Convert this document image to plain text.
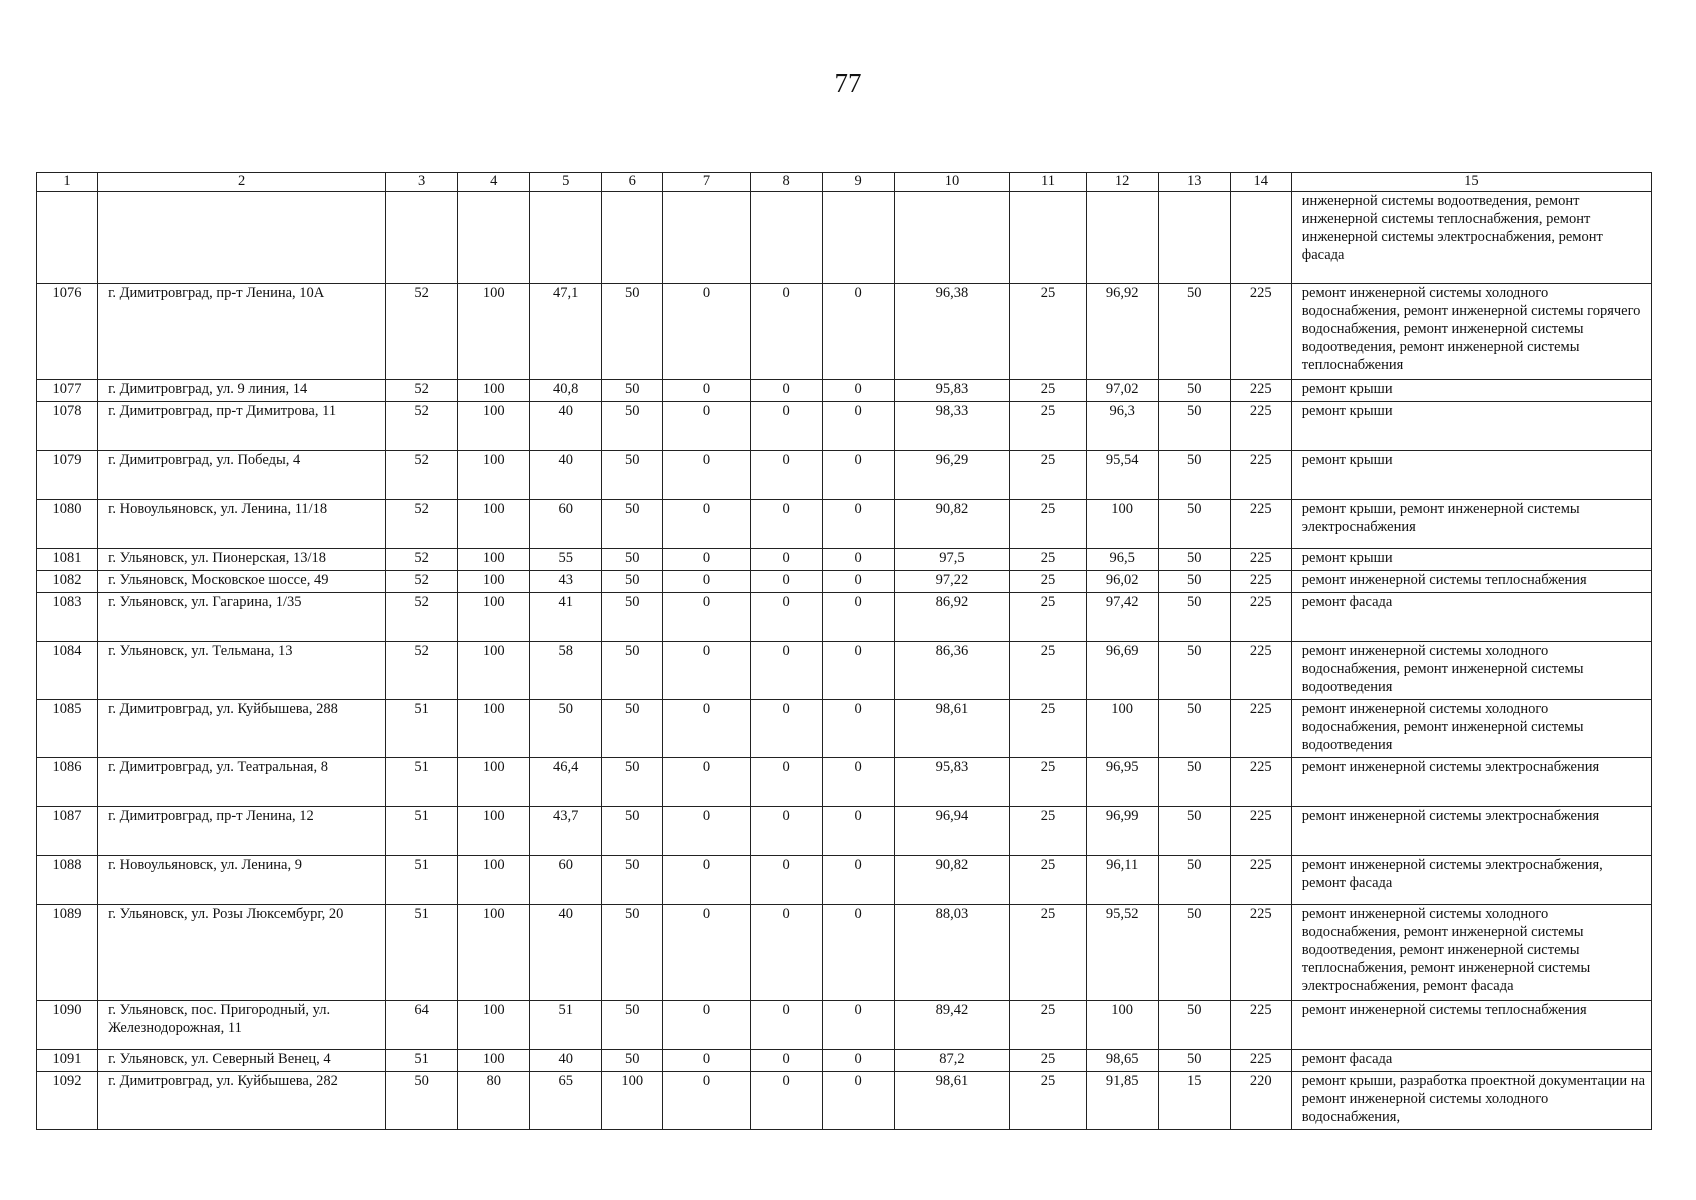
77
1	2	3	4	5	6	7	8	9	10	11	12	13	14	15
														инженерной системы водоотведения, ремонт инженерной системы теплоснабжения, ремонт инженерной системы электроснабжения, ремонт фасада
1076	г. Димитровград, пр-т Ленина, 10А	52	100	47,1	50	0	0	0	96,38	25	96,92	50	225	ремонт инженерной системы холодного водоснабжения, ремонт инженерной системы горячего водоснабжения, ремонт инженерной системы водоотведения, ремонт инженерной системы теплоснабжения
1077	г. Димитровград, ул. 9 линия, 14	52	100	40,8	50	0	0	0	95,83	25	97,02	50	225	ремонт крыши
1078	г. Димитровград, пр-т Димитрова, 11	52	100	40	50	0	0	0	98,33	25	96,3	50	225	ремонт крыши
1079	г. Димитровград, ул. Победы, 4	52	100	40	50	0	0	0	96,29	25	95,54	50	225	ремонт крыши
1080	г. Новоульяновск, ул. Ленина, 11/18	52	100	60	50	0	0	0	90,82	25	100	50	225	ремонт крыши, ремонт инженерной системы электроснабжения
1081	г. Ульяновск, ул. Пионерская, 13/18	52	100	55	50	0	0	0	97,5	25	96,5	50	225	ремонт крыши
1082	г. Ульяновск, Московское шоссе, 49	52	100	43	50	0	0	0	97,22	25	96,02	50	225	ремонт инженерной системы теплоснабжения
1083	г. Ульяновск, ул. Гагарина, 1/35	52	100	41	50	0	0	0	86,92	25	97,42	50	225	ремонт фасада
1084	г. Ульяновск, ул. Тельмана, 13	52	100	58	50	0	0	0	86,36	25	96,69	50	225	ремонт инженерной системы холодного водоснабжения, ремонт инженерной системы водоотведения
1085	г. Димитровград, ул. Куйбышева, 288	51	100	50	50	0	0	0	98,61	25	100	50	225	ремонт инженерной системы холодного водоснабжения, ремонт инженерной системы водоотведения
1086	г. Димитровград, ул. Театральная, 8	51	100	46,4	50	0	0	0	95,83	25	96,95	50	225	ремонт инженерной системы электроснабжения
1087	г. Димитровград, пр-т Ленина, 12	51	100	43,7	50	0	0	0	96,94	25	96,99	50	225	ремонт инженерной системы электроснабжения
1088	г. Новоульяновск, ул. Ленина, 9	51	100	60	50	0	0	0	90,82	25	96,11	50	225	ремонт инженерной системы электроснабжения, ремонт фасада
1089	г. Ульяновск, ул. Розы Люксембург, 20	51	100	40	50	0	0	0	88,03	25	95,52	50	225	ремонт инженерной системы холодного водоснабжения, ремонт инженерной системы водоотведения, ремонт инженерной системы теплоснабжения, ремонт инженерной системы электроснабжения, ремонт фасада
1090	г. Ульяновск, пос. Пригородный, ул. Железнодорожная, 11	64	100	51	50	0	0	0	89,42	25	100	50	225	ремонт инженерной системы теплоснабжения
1091	г. Ульяновск, ул. Северный Венец, 4	51	100	40	50	0	0	0	87,2	25	98,65	50	225	ремонт фасада
1092	г. Димитровград, ул. Куйбышева, 282	50	80	65	100	0	0	0	98,61	25	91,85	15	220	ремонт крыши, разработка проектной документации на ремонт инженерной системы холодного водоснабжения,
